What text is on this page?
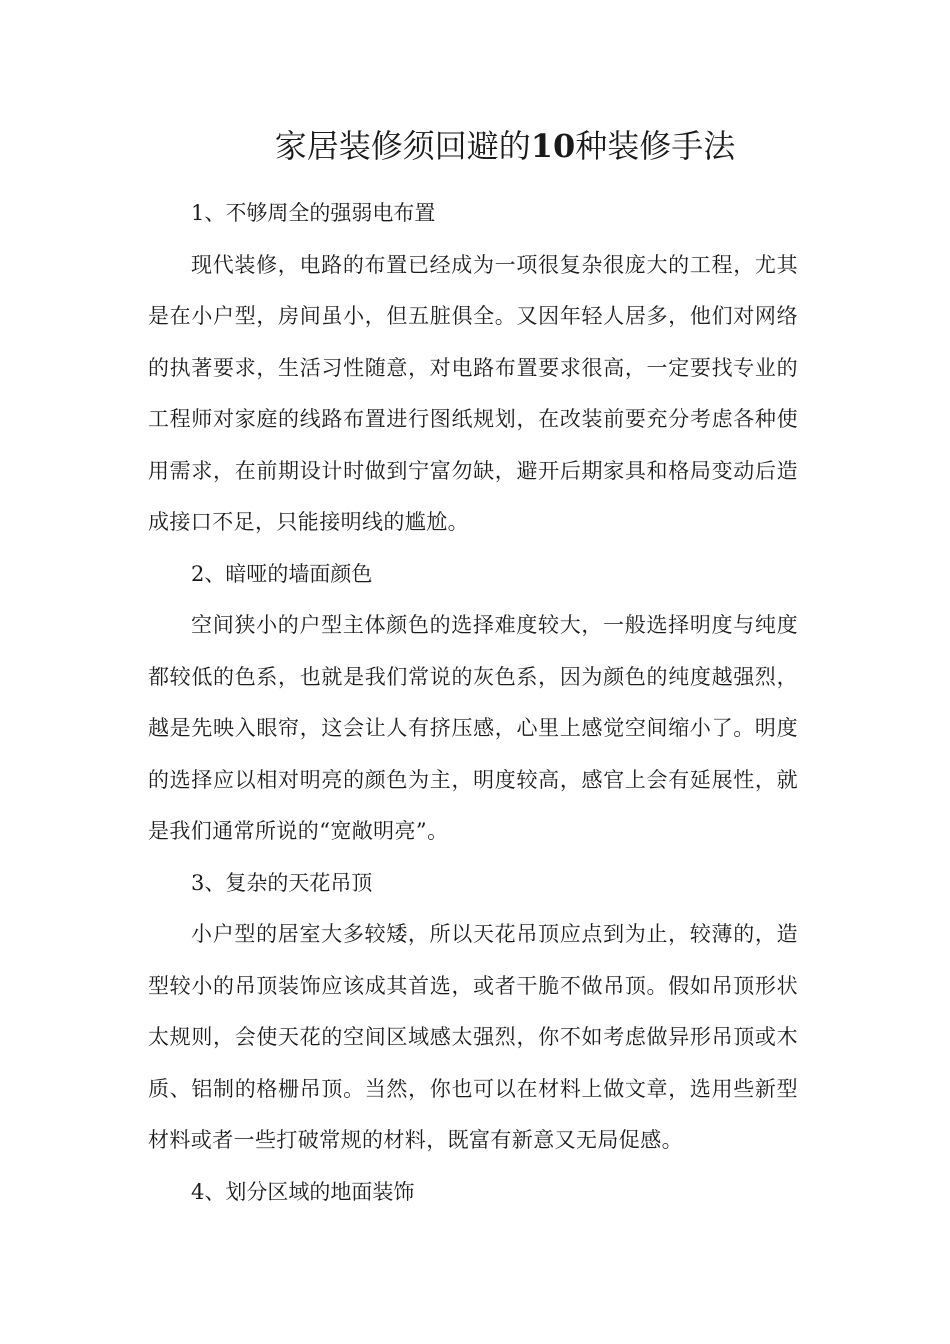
家居装修须回避的10种装修手法

1、不够周全的强弱电布置

现代装修，电路的布置已经成为一项很复杂很庞大的工程，尤其是在小户型，房间虽小，但五脏俱全。又因年轻人居多，他们对网络的执著要求，生活习性随意，对电路布置要求很高，一定要找专业的工程师对家庭的线路布置进行图纸规划，在改装前要充分考虑各种使用需求，在前期设计时做到宁富勿缺，避开后期家具和格局变动后造成接口不足，只能接明线的尴尬。

2、暗哑的墙面颜色

空间狭小的户型主体颜色的选择难度较大，一般选择明度与纯度都较低的色系，也就是我们常说的灰色系，因为颜色的纯度越强烈，越是先映入眼帘，这会让人有挤压感，心里上感觉空间缩小了。明度的选择应以相对明亮的颜色为主，明度较高，感官上会有延展性，就是我们通常所说的“宽敞明亮”。

3、复杂的天花吊顶

小户型的居室大多较矮，所以天花吊顶应点到为止，较薄的，造型较小的吊顶装饰应该成其首选，或者干脆不做吊顶。假如吊顶形状太规则，会使天花的空间区域感太强烈，你不如考虑做异形吊顶或木质、铝制的格栅吊顶。当然，你也可以在材料上做文章，选用些新型材料或者一些打破常规的材料，既富有新意又无局促感。

4、划分区域的地面装饰
